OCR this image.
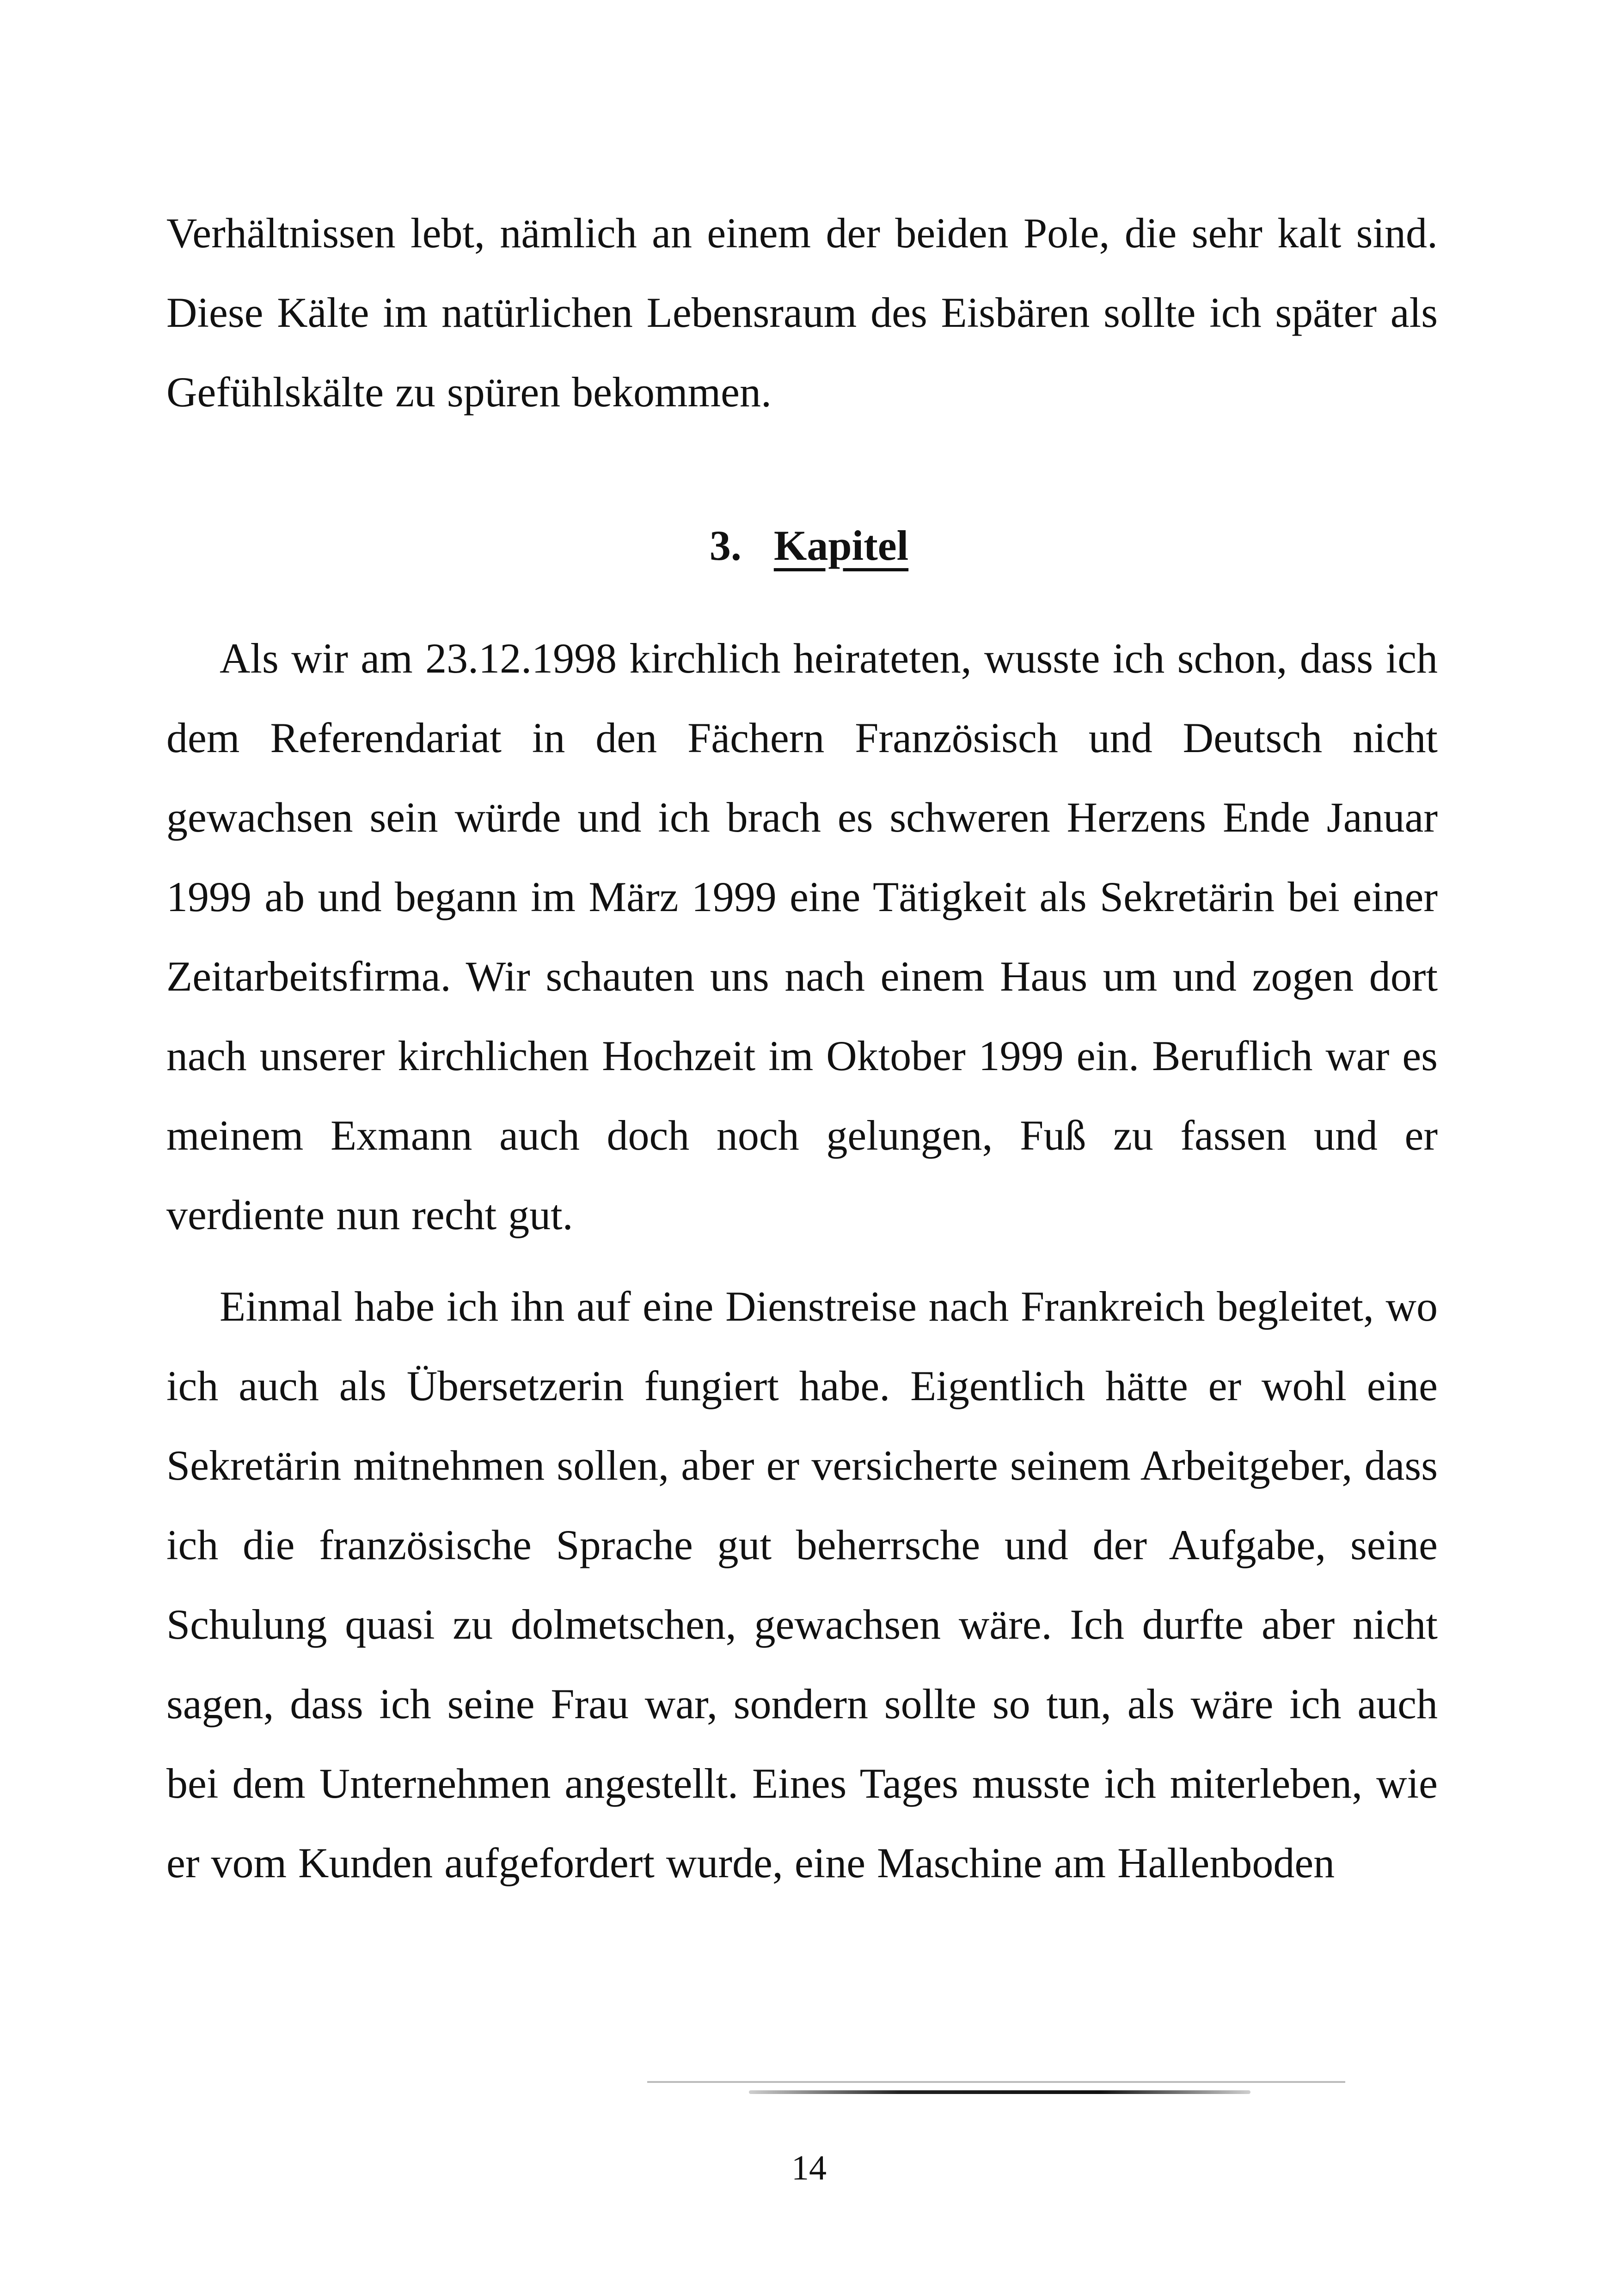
Verhältnissen lebt, nämlich an einem der beiden Pole, die sehr kalt sind. Diese Kälte im natürlichen Lebensraum des Eisbären sollte ich später als Gefühlskälte zu spüren bekommen.

3. Kapitel

Als wir am 23.12.1998 kirchlich heirateten, wusste ich schon, dass ich dem Referendariat in den Fächern Französisch und Deutsch nicht gewachsen sein würde und ich brach es schweren Herzens Ende Januar 1999 ab und begann im März 1999 eine Tätigkeit als Sekretärin bei einer Zeitarbeitsfirma. Wir schauten uns nach einem Haus um und zogen dort nach unserer kirchlichen Hochzeit im Oktober 1999 ein. Beruflich war es meinem Exmann auch doch noch gelungen, Fuß zu fassen und er verdiente nun recht gut.

Einmal habe ich ihn auf eine Dienstreise nach Frankreich begleitet, wo ich auch als Übersetzerin fungiert habe. Eigentlich hätte er wohl eine Sekretärin mitnehmen sollen, aber er versicherte seinem Arbeitgeber, dass ich die französische Sprache gut beherrsche und der Aufgabe, seine Schulung quasi zu dolmetschen, gewachsen wäre. Ich durfte aber nicht sagen, dass ich seine Frau war, sondern sollte so tun, als wäre ich auch bei dem Unternehmen angestellt. Eines Tages musste ich miterleben, wie er vom Kunden aufgefordert wurde, eine Maschine am Hallenboden

14
